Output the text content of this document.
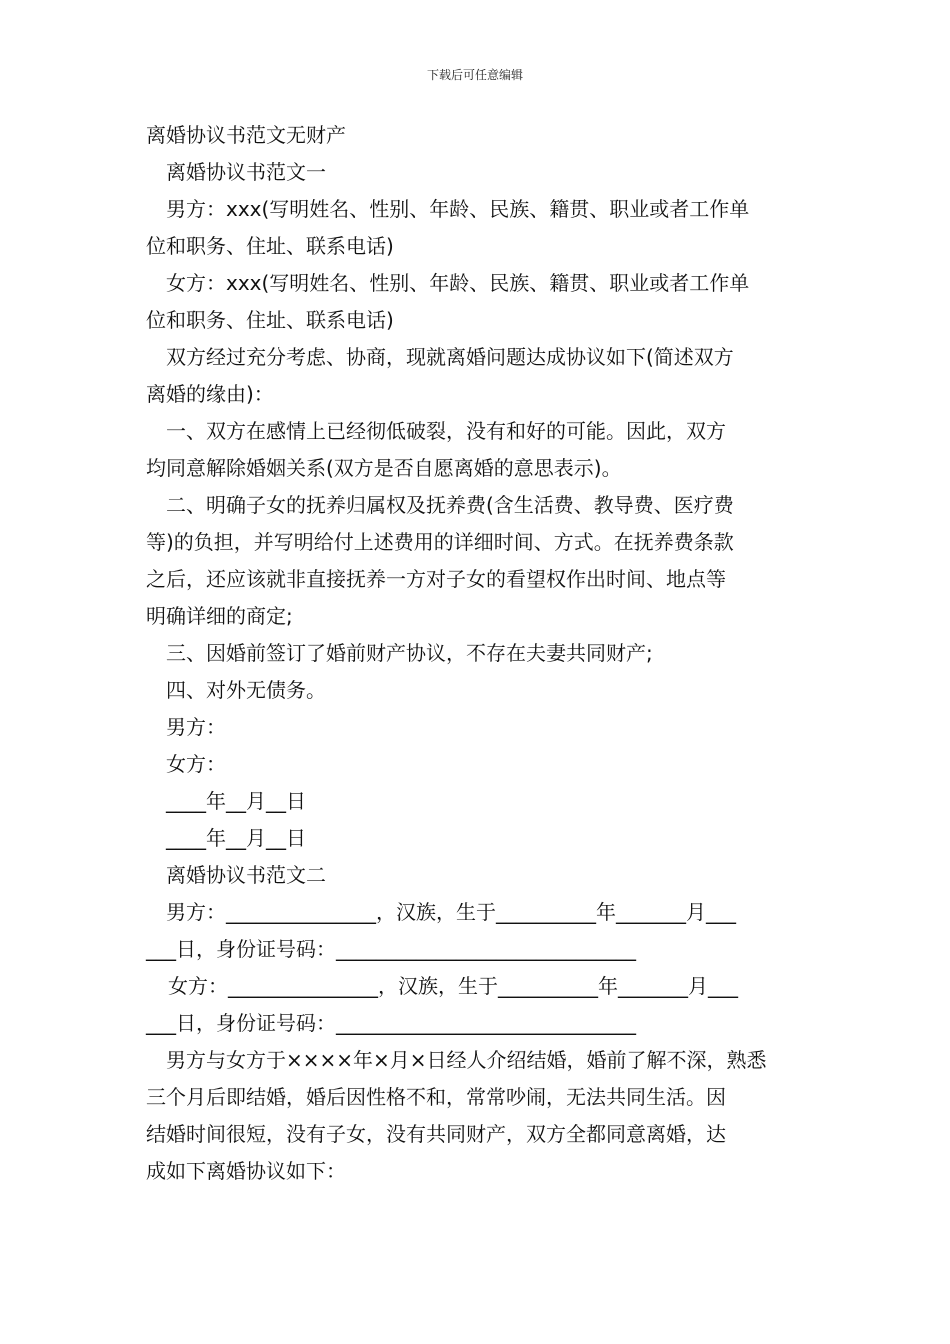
下载后可任意编辑

离婚协议书范文无财产

离婚协议书范文一

男方：xxx(写明姓名、性别、年龄、民族、籍贯、职业或者工作单

位和职务、住址、联系电话)

女方：xxx(写明姓名、性别、年龄、民族、籍贯、职业或者工作单

位和职务、住址、联系电话)

双方经过充分考虑、协商，现就离婚问题达成协议如下(简述双方

离婚的缘由)：

一、双方在感情上已经彻低破裂，没有和好的可能。因此，双方

均同意解除婚姻关系(双方是否自愿离婚的意思表示)。

二、明确子女的抚养归属权及抚养费(含生活费、教导费、医疗费

等)的负担，并写明给付上述费用的详细时间、方式。在抚养费条款

之后，还应该就非直接抚养一方对子女的看望权作出时间、地点等

明确详细的商定;

三、因婚前签订了婚前财产协议，不存在夫妻共同财产;

四、对外无债务。

男方：

女方：

____年__月__日

____年__月__日

离婚协议书范文二

男方：_______________，汉族，生于__________年_______月___

___日，身份证号码：______________________________

女方：_______________，汉族，生于__________年_______月___

___日，身份证号码：______________________________

男方与女方于××××年×月×日经人介绍结婚，婚前了解不深，熟悉

三个月后即结婚，婚后因性格不和，常常吵闹，无法共同生活。因

结婚时间很短，没有子女，没有共同财产，双方全都同意离婚，达

成如下离婚协议如下：
